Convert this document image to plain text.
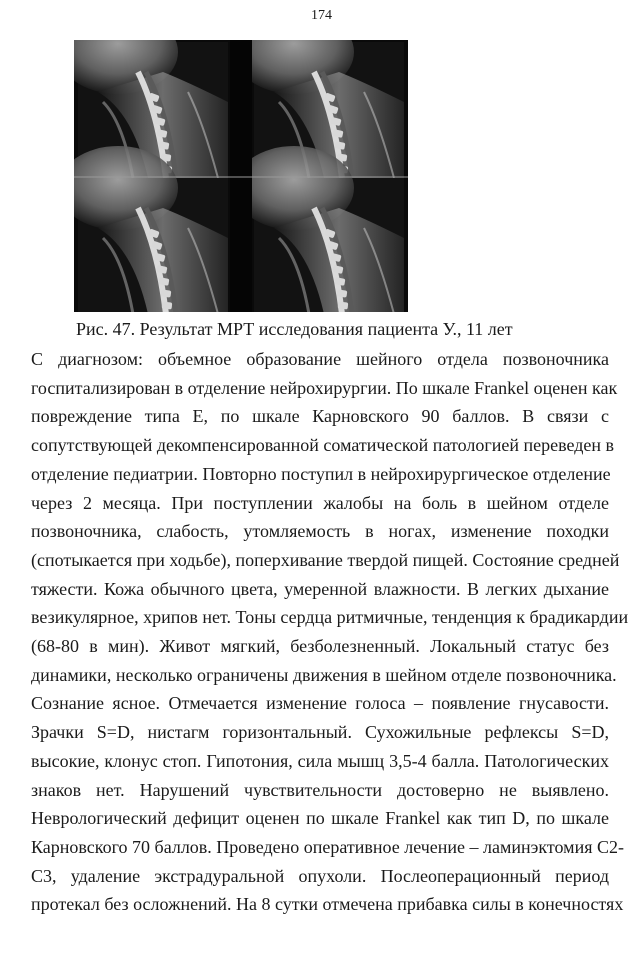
174
Рис. 47. Результат МРТ исследования пациента У., 11 лет
С диагнозом: объемное образование шейного отдела позвоночника
госпитализирован в отделение нейрохирургии. По шкале Frankel оценен как
повреждение типа Е, по шкале Карновского 90 баллов. В связи с
сопутствующей декомпенсированной соматической патологией переведен в
отделение педиатрии. Повторно поступил в нейрохирургическое отделение
через 2 месяца. При поступлении жалобы на боль в шейном отделе
позвоночника, слабость, утомляемость в ногах, изменение походки
(спотыкается при ходьбе), поперхивание твердой пищей. Состояние средней
тяжести. Кожа обычного цвета, умеренной влажности. В легких дыхание
везикулярное, хрипов нет. Тоны сердца ритмичные, тенденция к брадикардии
(68-80 в мин). Живот мягкий, безболезненный. Локальный статус без
динамики, несколько ограничены движения в шейном отделе позвоночника.
Сознание ясное. Отмечается изменение голоса – появление гнусавости.
Зрачки S=D, нистагм горизонтальный. Сухожильные рефлексы S=D,
высокие, клонус стоп. Гипотония, сила мышц 3,5-4 балла. Патологических
знаков нет. Нарушений чувствительности достоверно не выявлено.
Неврологический дефицит оценен по шкале Frankel как тип D, по шкале
Карновского 70 баллов. Проведено оперативное лечение – ламинэктомия С2-
С3, удаление экстрадуральной опухоли. Послеоперационный период
протекал без осложнений. На 8 сутки отмечена прибавка силы в конечностях
